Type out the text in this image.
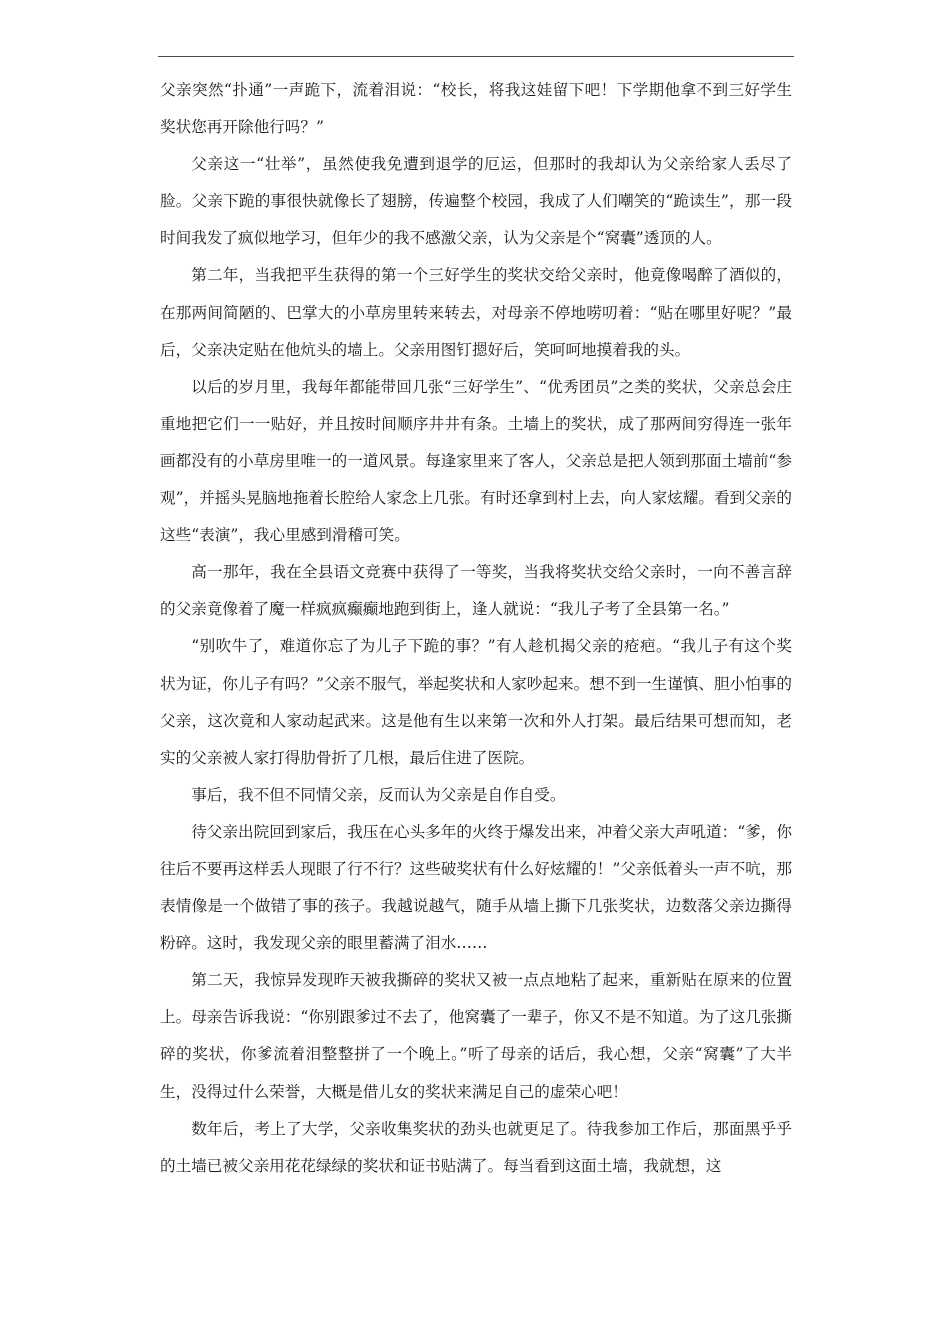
父亲突然“扑通”一声跪下，流着泪说：“校长，将我这娃留下吧！下学期他拿不到三好学生奖状您再开除他行吗？”

父亲这一“壮举”，虽然使我免遭到退学的厄运，但那时的我却认为父亲给家人丢尽了脸。父亲下跪的事很快就像长了翅膀，传遍整个校园，我成了人们嘲笑的“跪读生”，那一段时间我发了疯似地学习，但年少的我不感激父亲，认为父亲是个“窝囊”透顶的人。

第二年，当我把平生获得的第一个三好学生的奖状交给父亲时，他竟像喝醉了酒似的，在那两间简陋的、巴掌大的小草房里转来转去，对母亲不停地唠叨着：“贴在哪里好呢？”最后，父亲决定贴在他炕头的墙上。父亲用图钉摁好后，笑呵呵地摸着我的头。

以后的岁月里，我每年都能带回几张“三好学生”、“优秀团员”之类的奖状，父亲总会庄重地把它们一一贴好，并且按时间顺序井井有条。土墙上的奖状，成了那两间穷得连一张年画都没有的小草房里唯一的一道风景。每逢家里来了客人，父亲总是把人领到那面土墙前“参观”，并摇头晃脑地拖着长腔给人家念上几张。有时还拿到村上去，向人家炫耀。看到父亲的这些“表演”，我心里感到滑稽可笑。

高一那年，我在全县语文竞赛中获得了一等奖，当我将奖状交给父亲时，一向不善言辞的父亲竟像着了魔一样疯疯癫癫地跑到街上，逢人就说：“我儿子考了全县第一名。”

“别吹牛了，难道你忘了为儿子下跪的事？”有人趁机揭父亲的疮疤。“我儿子有这个奖状为证，你儿子有吗？”父亲不服气，举起奖状和人家吵起来。想不到一生谨慎、胆小怕事的父亲，这次竟和人家动起武来。这是他有生以来第一次和外人打架。最后结果可想而知，老实的父亲被人家打得肋骨折了几根，最后住进了医院。

事后，我不但不同情父亲，反而认为父亲是自作自受。

待父亲出院回到家后，我压在心头多年的火终于爆发出来，冲着父亲大声吼道：“爹，你往后不要再这样丢人现眼了行不行？这些破奖状有什么好炫耀的！”父亲低着头一声不吭，那表情像是一个做错了事的孩子。我越说越气，随手从墙上撕下几张奖状，边数落父亲边撕得粉碎。这时，我发现父亲的眼里蓄满了泪水……

第二天，我惊异发现昨天被我撕碎的奖状又被一点点地粘了起来，重新贴在原来的位置上。母亲告诉我说：“你别跟爹过不去了，他窝囊了一辈子，你又不是不知道。为了这几张撕碎的奖状，你爹流着泪整整拼了一个晚上。”听了母亲的话后，我心想，父亲“窝囊”了大半生，没得过什么荣誉，大概是借儿女的奖状来满足自己的虚荣心吧！

数年后，考上了大学，父亲收集奖状的劲头也就更足了。待我参加工作后，那面黑乎乎的土墙已被父亲用花花绿绿的奖状和证书贴满了。每当看到这面土墙，我就想，这
